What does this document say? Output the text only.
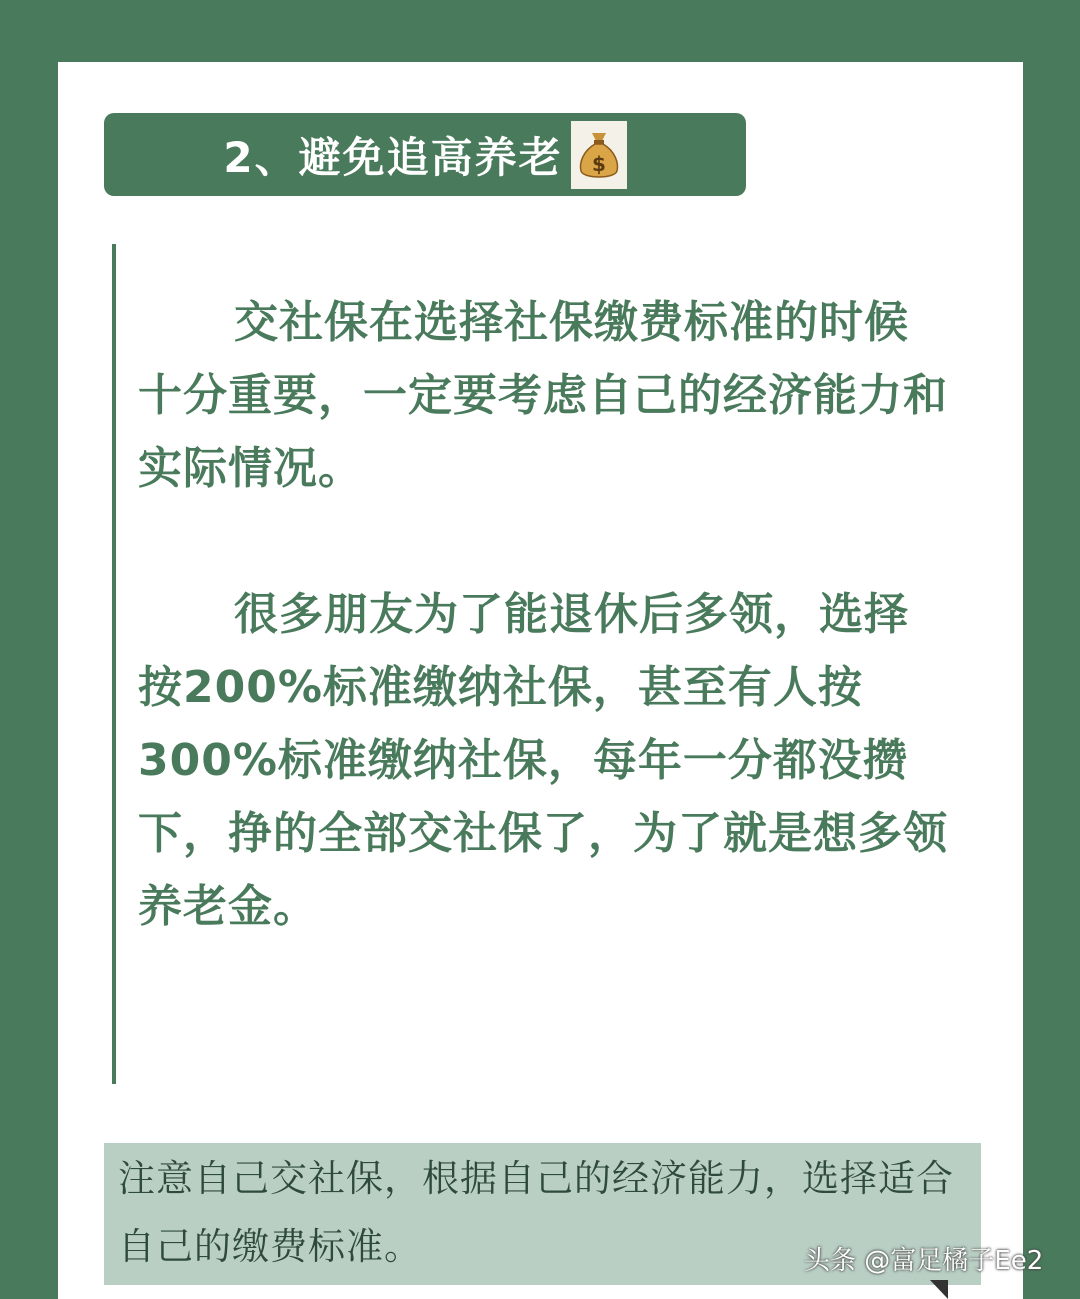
2、避免追高养老 $

交社保在选择社保缴费标准的时候十分重要，一定要考虑自己的经济能力和实际情况。

很多朋友为了能退休后多领，选择按200%标准缴纳社保，甚至有人按300%标准缴纳社保，每年一分都没攒下，挣的全部交社保了，为了就是想多领养老金。

注意自己交社保，根据自己的经济能力，选择适合自己的缴费标准。	头条 @富足橘子Ee2
